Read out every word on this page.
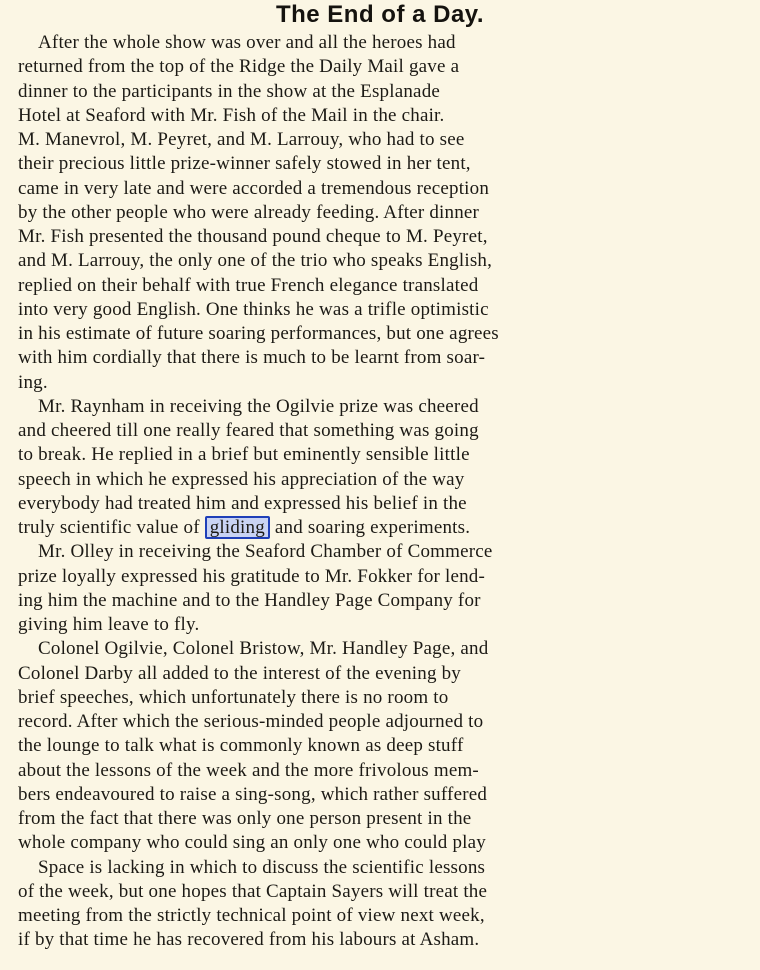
The End of a Day.
After the whole show was over and all the heroes had
returned from the top of the Ridge the Daily Mail gave a
dinner to the participants in the show at the Esplanade
Hotel at Seaford with Mr. Fish of the Mail in the chair.
M. Manevrol, M. Peyret, and M. Larrouy, who had to see
their precious little prize-winner safely stowed in her tent,
came in very late and were accorded a tremendous reception
by the other people who were already feeding. After dinner
Mr. Fish presented the thousand pound cheque to M. Peyret,
and M. Larrouy, the only one of the trio who speaks English,
replied on their behalf with true French elegance translated
into very good English. One thinks he was a trifle optimistic
in his estimate of future soaring performances, but one agrees
with him cordially that there is much to be learnt from soar-
ing.
Mr. Raynham in receiving the Ogilvie prize was cheered
and cheered till one really feared that something was going
to break. He replied in a brief but eminently sensible little
speech in which he expressed his appreciation of the way
everybody had treated him and expressed his belief in the
truly scientific value of gliding and soaring experiments.
Mr. Olley in receiving the Seaford Chamber of Commerce
prize loyally expressed his gratitude to Mr. Fokker for lend-
ing him the machine and to the Handley Page Company for
giving him leave to fly.
Colonel Ogilvie, Colonel Bristow, Mr. Handley Page, and
Colonel Darby all added to the interest of the evening by
brief speeches, which unfortunately there is no room to
record. After which the serious-minded people adjourned to
the lounge to talk what is commonly known as deep stuff
about the lessons of the week and the more frivolous mem-
bers endeavoured to raise a sing-song, which rather suffered
from the fact that there was only one person present in the
whole company who could sing an only one who could play
Space is lacking in which to discuss the scientific lessons
of the week, but one hopes that Captain Sayers will treat the
meeting from the strictly technical point of view next week,
if by that time he has recovered from his labours at Asham.
